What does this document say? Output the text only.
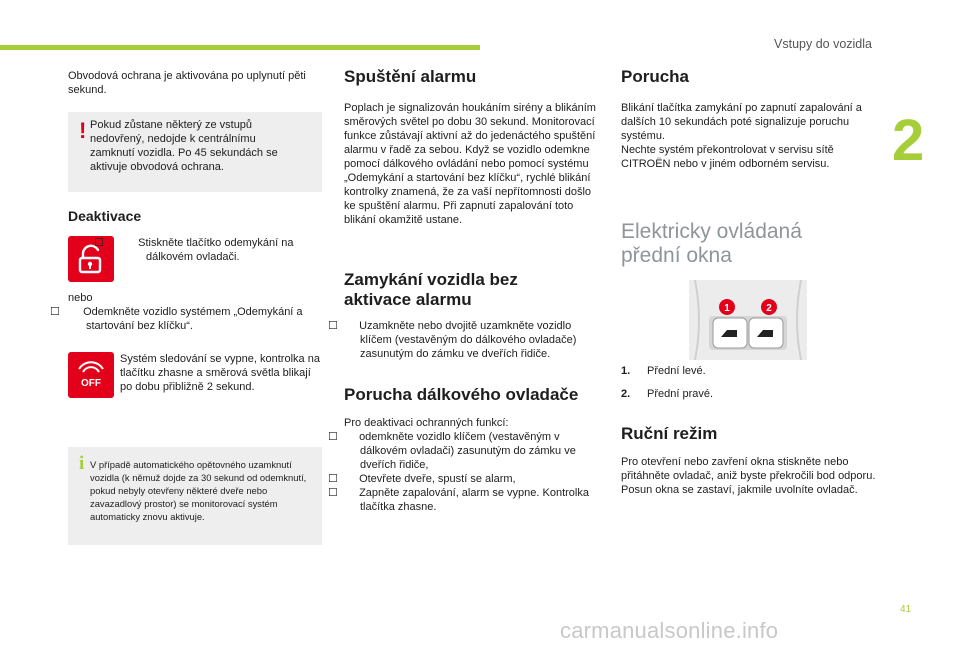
Vstupy do vozidla
2

Obvodová ochrana je aktivována po uplynutí pěti sekund.

! Pokud zůstane některý ze vstupů nedovřený, nedojde k centrálnímu zamknutí vozidla. Po 45 sekundách se aktivuje obvodová ochrana.

Deaktivace

☐	Stiskněte tlačítko odemykání na dálkovém ovladači.

nebo

☐ Odemkněte vozidlo systémem „Odemykání a startování bez klíčku“.

OFF

Systém sledování se vypne, kontrolka na tlačítku zhasne a směrová světla blikají po dobu přibližně 2 sekund.

i V případě automatického opětovného uzamknutí vozidla (k němuž dojde za 30 sekund od odemknutí, pokud nebyly otevřeny některé dveře nebo zavazadlový prostor) se monitorovací systém automaticky znovu aktivuje.

Spuštění alarmu

Poplach je signalizován houkáním sirény a blikáním směrových světel po dobu 30 sekund. Monitorovací funkce zůstávají aktivní až do jedenáctého spuštění alarmu v řadě za sebou. Když se vozidlo odemkne pomocí dálkového ovládání nebo pomocí systému „Odemykání a startování bez klíčku“, rychlé blikání kontrolky znamená, že za vaší nepřítomnosti došlo ke spuštění alarmu. Při zapnutí zapalování toto blikání okamžitě ustane.

Zamykání vozidla bez aktivace alarmu

☐ Uzamkněte nebo dvojitě uzamkněte vozidlo klíčem (vestavěným do dálkového ovladače) zasunutým do zámku ve dveřích řidiče.

Porucha dálkového ovladače

Pro deaktivaci ochranných funkcí:

☐ odemkněte vozidlo klíčem (vestavěným v dálkovém ovladači) zasunutým do zámku ve dveřích řidiče,

☐ Otevřete dveře, spustí se alarm,

☐ Zapněte zapalování, alarm se vypne. Kontrolka tlačítka zhasne.

Porucha

Blikání tlačítka zamykání po zapnutí zapalování a dalších 10 sekundách poté signalizuje poruchu systému.

Nechte systém překontrolovat v servisu sítě CITROËN nebo v jiném odborném servisu.

Elektricky ovládaná
přední okna
1	2

1.	Přední levé.

2.	Přední pravé.

Ruční režim

Pro otevření nebo zavření okna stiskněte nebo přitáhněte ovladač, aniž byste překročili bod odporu. Posun okna se zastaví, jakmile uvolníte ovladač.

41
carmanualsonline.info
